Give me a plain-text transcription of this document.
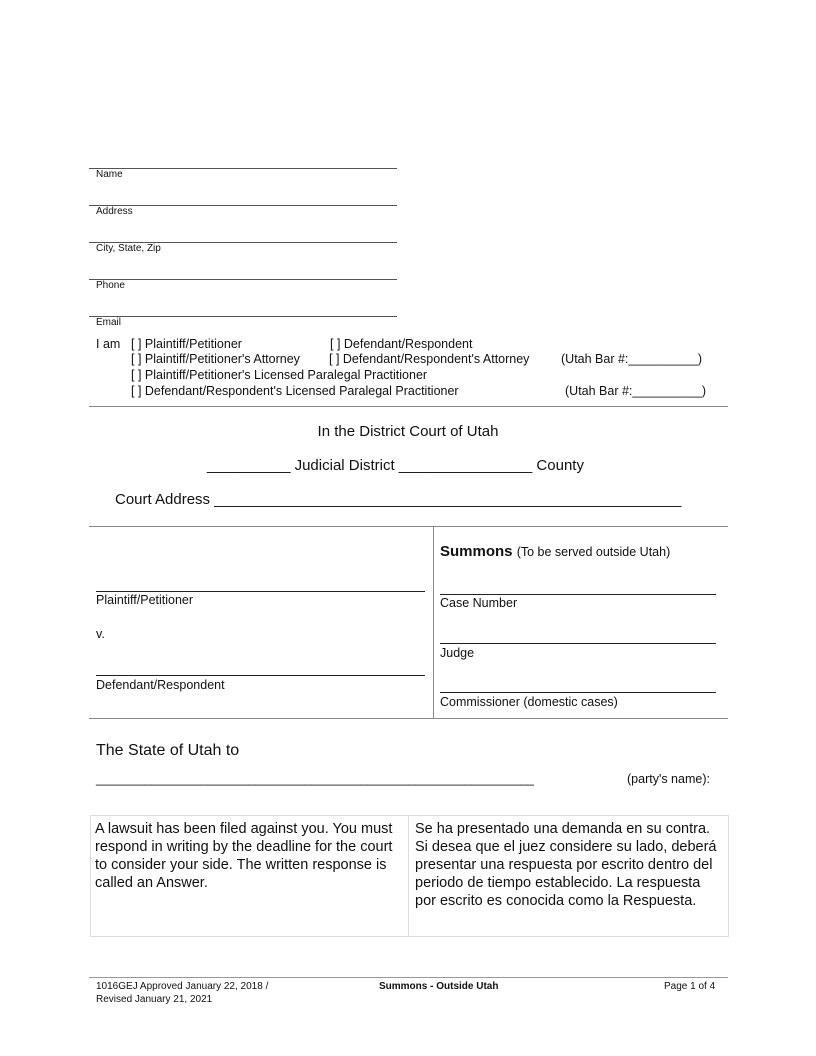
Name
Address
City, State, Zip
Phone
Email
I am [ ] Plaintiff/Petitioner	[ ] Defendant/Respondent
[ ] Plaintiff/Petitioner's Attorney [ ] Defendant/Respondent's Attorney	(Utah Bar #:__________)
[ ] Plaintiff/Petitioner's Licensed Paralegal Practitioner
[ ] Defendant/Respondent's Licensed Paralegal Practitioner	(Utah Bar #:__________)
In the District Court of Utah
__________ Judicial District ________________ County
Court Address ________________________________________________________
Plaintiff/Petitioner
v.
Defendant/Respondent
Summons (To be served outside Utah)
Case Number
Judge
Commissioner (domestic cases)
The State of Utah to
_______________________________________________________________	(party's name):
A lawsuit has been filed against you. You must respond in writing by the deadline for the court to consider your side. The written response is called an Answer.
Se ha presentado una demanda en su contra. Si desea que el juez considere su lado, deberá presentar una respuesta por escrito dentro del periodo de tiempo establecido. La respuesta por escrito es conocida como la Respuesta.
1016GEJ Approved January 22, 2018 /
Revised January 21, 2021
Summons - Outside Utah	Page 1 of 4
